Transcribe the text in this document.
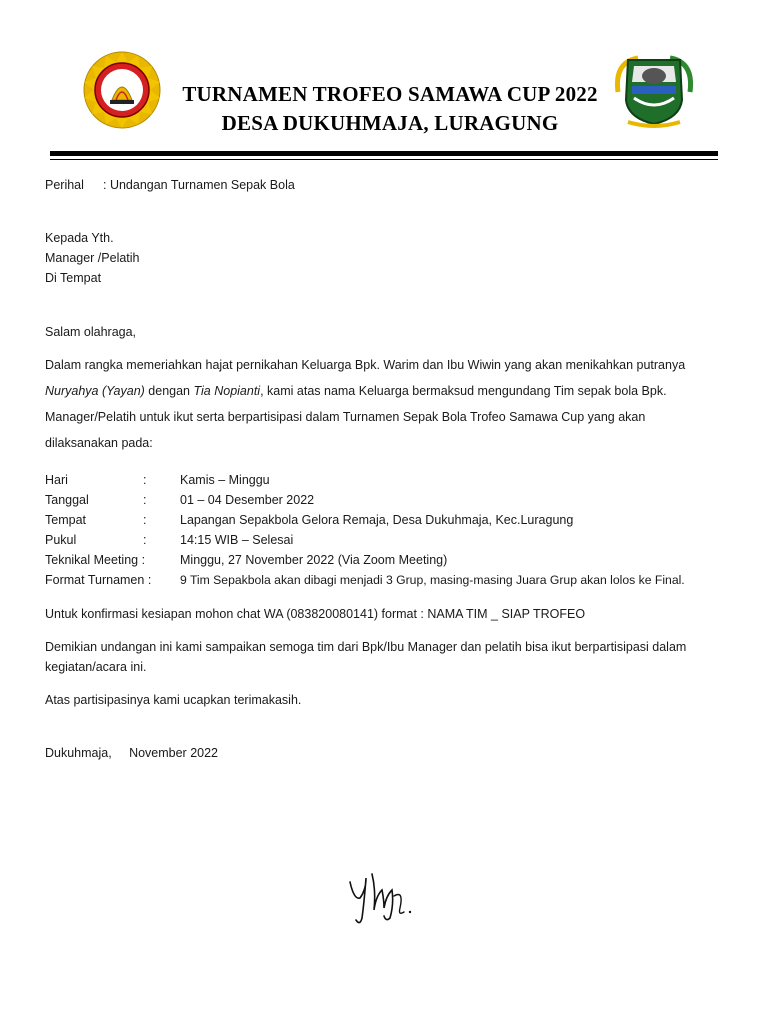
TURNAMEN TROFEO SAMAWA CUP 2022
DESA DUKUHMAJA, LURAGUNG
Perihal : Undangan Turnamen Sepak Bola
Kepada Yth.
Manager /Pelatih
Di Tempat
Salam olahraga,
Dalam rangka memeriahkan hajat pernikahan Keluarga Bpk. Warim dan Ibu Wiwin yang akan menikahkan putranya
Nuryahya (Yayan) dengan Tia Nopianti, kami atas nama Keluarga bermaksud mengundang Tim sepak bola Bpk.
Manager/Pelatih untuk ikut serta berpartisipasi dalam Turnamen Sepak Bola Trofeo Samawa Cup yang akan
dilaksanakan pada:
Hari	:	Kamis – Minggu
Tanggal	:	01 – 04 Desember 2022
Tempat	:	Lapangan Sepakbola Gelora Remaja, Desa Dukuhmaja, Kec.Luragung
Pukul	:	14:15 WIB – Selesai
Teknikal Meeting :	Minggu, 27 November 2022 (Via Zoom Meeting)
Format Turnamen : 9 Tim Sepakbola akan dibagi menjadi 3 Grup, masing-masing Juara Grup akan lolos ke Final.
Untuk konfirmasi kesiapan mohon chat WA (083820080141) format : NAMA TIM _ SIAP TROFEO
Demikian undangan ini kami sampaikan semoga tim dari Bpk/Ibu Manager dan pelatih bisa ikut berpartisipasi dalam
kegiatan/acara ini.
Atas partisipasinya kami ucapkan terimakasih.
Dukuhmaja,     November 2022
